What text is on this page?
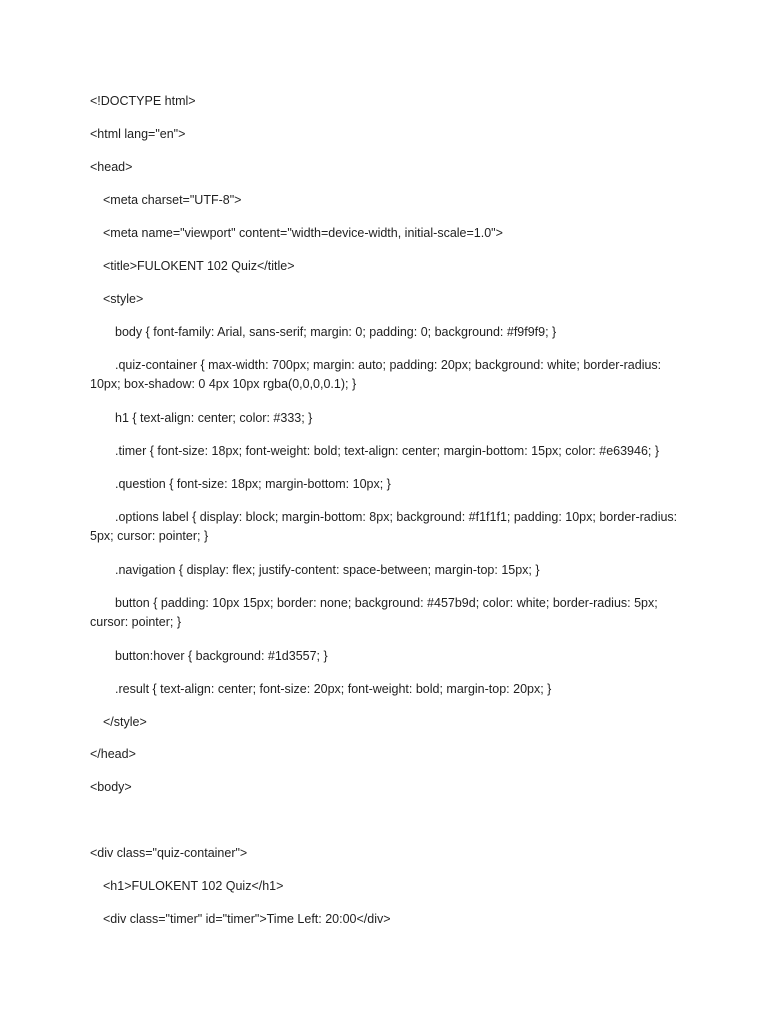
<!DOCTYPE html>

<html lang="en">

<head>

<meta charset="UTF-8">

<meta name="viewport" content="width=device-width, initial-scale=1.0">

<title>FULOKENT 102 Quiz</title>

<style>

body { font-family: Arial, sans-serif; margin: 0; padding: 0; background: #f9f9f9; }

.quiz-container { max-width: 700px; margin: auto; padding: 20px; background: white; border-radius: 10px; box-shadow: 0 4px 10px rgba(0,0,0,0.1); }

h1 { text-align: center; color: #333; }

.timer { font-size: 18px; font-weight: bold; text-align: center; margin-bottom: 15px; color: #e63946; }

.question { font-size: 18px; margin-bottom: 10px; }

.options label { display: block; margin-bottom: 8px; background: #f1f1f1; padding: 10px; border-radius: 5px; cursor: pointer; }

.navigation { display: flex; justify-content: space-between; margin-top: 15px; }

button { padding: 10px 15px; border: none; background: #457b9d; color: white; border-radius: 5px; cursor: pointer; }

button:hover { background: #1d3557; }

.result { text-align: center; font-size: 20px; font-weight: bold; margin-top: 20px; }

</style>

</head>

<body>

<div class="quiz-container">

<h1>FULOKENT 102 Quiz</h1>

<div class="timer" id="timer">Time Left: 20:00</div>
